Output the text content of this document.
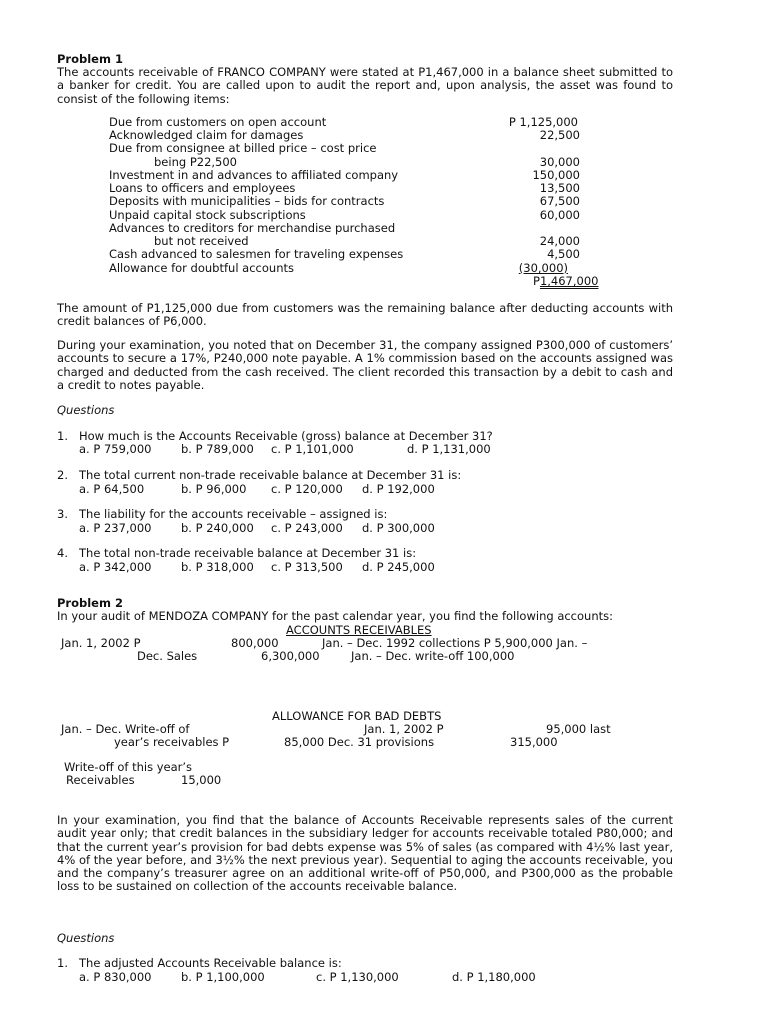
Problem 1
The accounts receivable of FRANCO COMPANY were stated at P1,467,000 in a balance sheet submitted to a banker for credit. You are called upon to audit the report and, upon analysis, the asset was found to consist of the following items:
Due from customers on open account	P 1,125,000
Acknowledged claim for damages	22,500
Due from consignee at billed price – cost price
being P22,500	30,000
Investment in and advances to affiliated company	150,000
Loans to officers and employees	13,500
Deposits with municipalities – bids for contracts	67,500
Unpaid capital stock subscriptions	60,000
Advances to creditors for merchandise purchased
but not received	24,000
Cash advanced to salesmen for traveling expenses	4,500
Allowance for doubtful accounts	(30,000)
P1,467,000
The amount of P1,125,000 due from customers was the remaining balance after deducting accounts with credit balances of P6,000.
During your examination, you noted that on December 31, the company assigned P300,000 of customers’ accounts to secure a 17%, P240,000 note payable. A 1% commission based on the accounts assigned was charged and deducted from the cash received. The client recorded this transaction by a debit to cash and a credit to notes payable.
Questions
1. How much is the Accounts Receivable (gross) balance at December 31?
a. P 759,000	b. P 789,000 c. P 1,101,000	d. P 1,131,000
2. The total current non-trade receivable balance at December 31 is:
a. P 64,500	b. P 96,000 c. P 120,000 d. P 192,000
3. The liability for the accounts receivable – assigned is:
a. P 237,000	b. P 240,000 c. P 243,000 d. P 300,000
4. The total non-trade receivable balance at December 31 is:
a. P 342,000	b. P 318,000 c. P 313,500 d. P 245,000
Problem 2
In your audit of MENDOZA COMPANY for the past calendar year, you find the following accounts:
ACCOUNTS RECEIVABLES
Jan. 1, 2002 P	800,000	Jan. – Dec. 1992 collections P 5,900,000 Jan. –
Dec. Sales	6,300,000	Jan. – Dec. write-off 100,000
ALLOWANCE FOR BAD DEBTS
Jan. – Dec. Write-off of	Jan. 1, 2002 P	95,000 last
year’s receivables P	85,000 Dec. 31 provisions	315,000
Write-off of this year’s
Receivables	15,000
In your examination, you find that the balance of Accounts Receivable represents sales of the current audit year only; that credit balances in the subsidiary ledger for accounts receivable totaled P80,000; and that the current year’s provision for bad debts expense was 5% of sales (as compared with 4½% last year, 4% of the year before, and 3½% the next previous year). Sequential to aging the accounts receivable, you and the company’s treasurer agree on an additional write-off of P50,000, and P300,000 as the probable loss to be sustained on collection of the accounts receivable balance.
Questions
1. The adjusted Accounts Receivable balance is:
a. P 830,000	b. P 1,100,000	c. P 1,130,000	d. P 1,180,000
